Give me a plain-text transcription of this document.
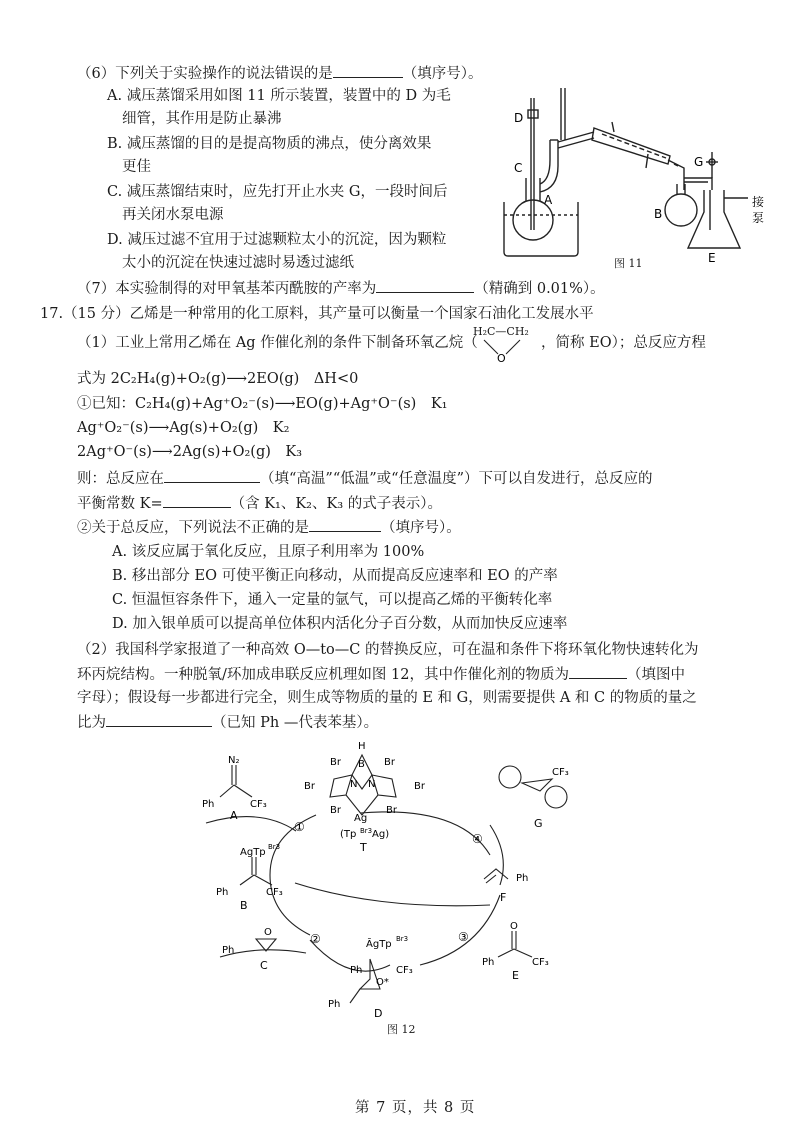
（6）下列关于实验操作的说法错误的是	（填序号）。
A. 减压蒸馏采用如图 11 所示装置，装置中的 D 为毛
细管，其作用是防止暴沸
B. 减压蒸馏的目的是提高物质的沸点，使分离效果
更佳
C. 减压蒸馏结束时，应先打开止水夹 G，一段时间后
再关闭水泵电源
D. 减压过滤不宜用于过滤颗粒太小的沉淀，因为颗粒
太小的沉淀在快速过滤时易透过滤纸
D
C
A
B
G
E
接
泵
图 11
（7）本实验制得的对甲氧基苯丙酰胺的产率为	（精确到 0.01%）。
17.（15 分）乙烯是一种常用的化工原料，其产量可以衡量一个国家石油化工发展水平
（1）工业上常用乙烯在 Ag 作催化剂的条件下制备环氧乙烷（
H₂C—CH₂
O
，简称 EO）；总反应方程
式为 2C₂H₄(g)+O₂(g)⟶2EO(g)　ΔH<0
①已知：C₂H₄(g)+Ag⁺O₂⁻(s)⟶EO(g)+Ag⁺O⁻(s)　K₁
Ag⁺O₂⁻(s)⟶Ag(s)+O₂(g)　K₂
2Ag⁺O⁻(s)⟶2Ag(s)+O₂(g)　K₃
则：总反应在	（填“高温”“低温”或“任意温度”）下可以自发进行，总反应的
平衡常数 K=	（含 K₁、K₂、K₃ 的式子表示）。
②关于总反应，下列说法不正确的是	（填序号）。
A. 该反应属于氧化反应，且原子利用率为 100%
B. 移出部分 EO 可使平衡正向移动，从而提高反应速率和 EO 的产率
C. 恒温恒容条件下，通入一定量的氩气，可以提高乙烯的平衡转化率
D. 加入银单质可以提高单位体积内活化分子百分数，从而加快反应速率
（2）我国科学家报道了一种高效 O—to—C 的替换反应，可在温和条件下将环氧化物快速转化为
环丙烷结构。一种脱氧/环加成串联反应机理如图 12，其中作催化剂的物质为	（填图中
字母）；假设每一步都进行完全，则生成等物质的量的 E 和 G，则需要提供 A 和 C 的物质的量之
比为	（已知 Ph —代表苯基）。
①
②	③
④
N₂
Ph	CF₃
A
H
B
Br	Br
Br	Br
Br	Br
N N
Ag
(Tp Br3 Ag)
T
AgTp Br3
Ph	CF₃
B
Ph
O
C
ĀgTp Br3
Ph	CF₃
O*
Ph
D
O
Ph	CF₃
E
Ph
F
CF₃
G
图 12
第 7 页，共 8 页
